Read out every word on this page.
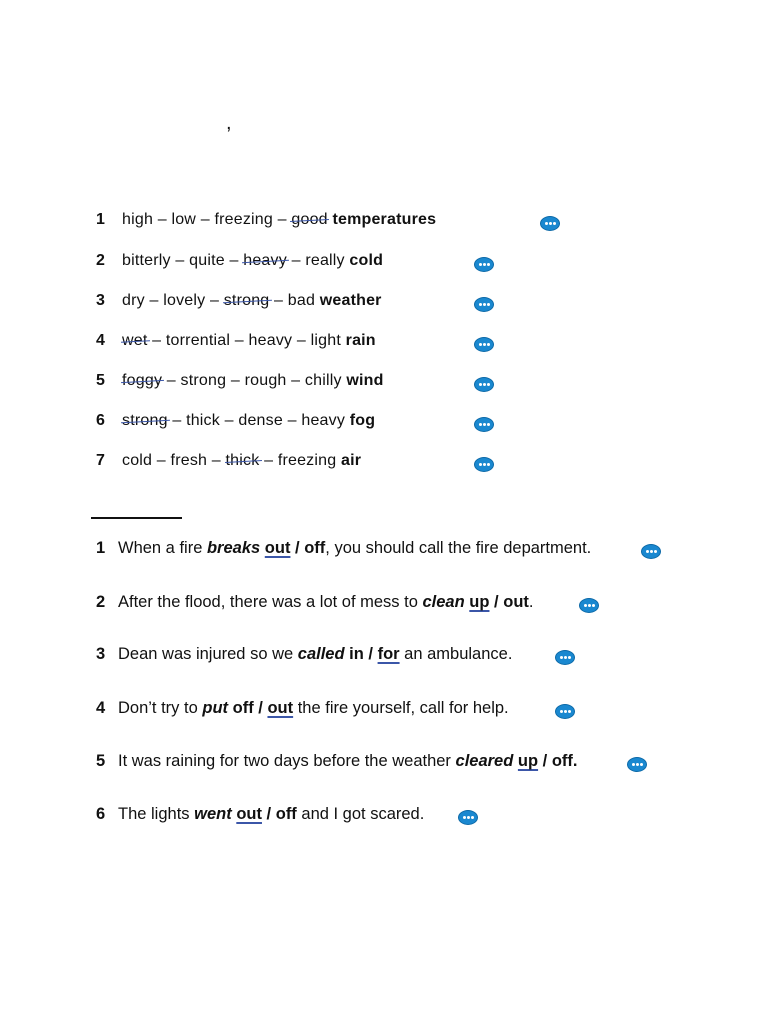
,
1 high – low – freezing – good temperatures
2 bitterly – quite – heavy – really cold
3 dry – lovely – strong – bad weather
4 wet – torrential – heavy – light rain
5 foggy – strong – rough – chilly wind
6 strong – thick – dense – heavy fog
7 cold – fresh – thick – freezing air
1 When a fire breaks out / off, you should call the fire department.
2 After the flood, there was a lot of mess to clean up / out.
3 Dean was injured so we called in / for an ambulance.
4 Don’t try to put off / out the fire yourself, call for help.
5 It was raining for two days before the weather cleared up / off.
6 The lights went out / off and I got scared.
